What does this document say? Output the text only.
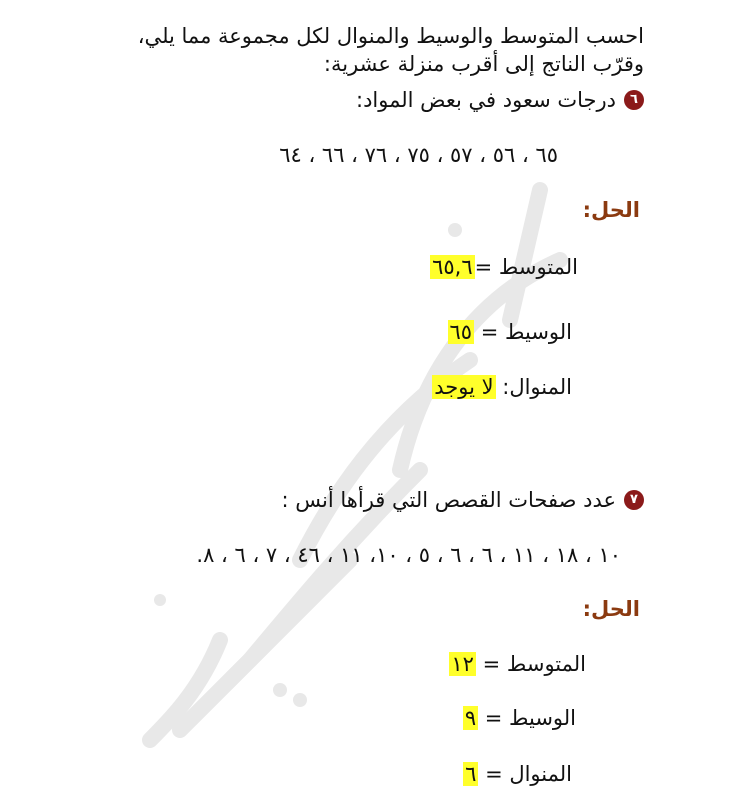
احسب المتوسط والوسيط والمنوال لكل مجموعة مما يلي،
وقرّب الناتج إلى أقرب منزلة عشرية:
٦
درجات سعود في بعض المواد:
٦٥ ، ٥٦ ، ٥٧ ، ٧٥ ، ٧٦ ، ٦٦ ، ٦٤
الحل:
المتوسط =٦٥,٦
الوسيط = ٦٥
المنوال: لا يوجد
٧
عدد صفحات القصص التي قرأها أنس :
١٠ ، ١٨ ، ١١ ، ٦ ، ٦ ، ٥ ، ١٠، ١١ ، ٤٦ ، ٧ ، ٦ ، ٨.
الحل:
المتوسط = ١٢
الوسيط = ٩
المنوال = ٦
